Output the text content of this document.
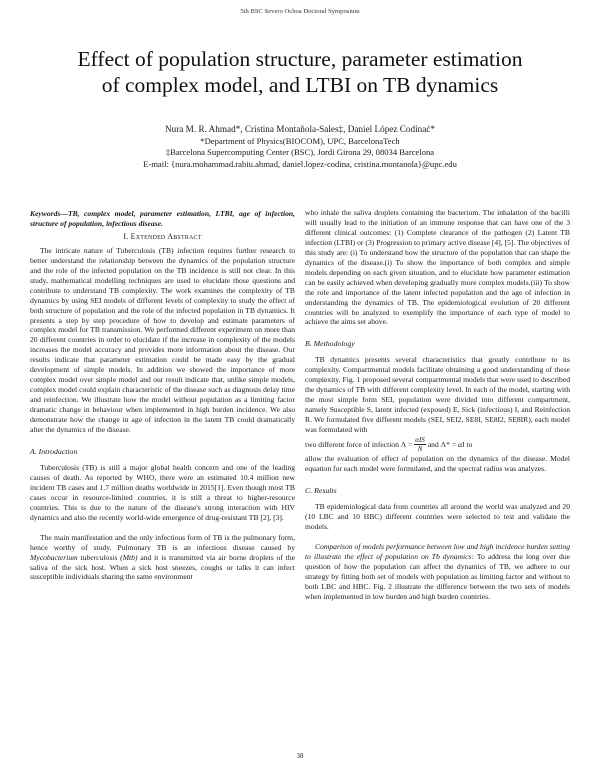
5th BSC Severo Ochoa Doctoral Symposium
Effect of population structure, parameter estimation
of complex model, and LTBI on TB dynamics
Nura M. R. Ahmad*, Cristina Montañola-Sales‡, Daniel López Codinać*
*Department of Physics(BIOCOM), UPC, BarcelonaTech
‡Barcelona Supercomputing Center (BSC), Jordi Girona 29, 08034 Barcelona
E-mail: {nura.mohammad.rabiu.ahmad, daniel.lopez-codina, cristina.montanola}@upc.edu

Keywords—TB, complex model, parameter estimation, LTBI, age of infection, structure of population, infectious disease.

I. Extended Abstract

The intricate nature of Tuberculosis (TB) infection requires further research to better understand the relationship between the dynamics of the population structure and the role of the infected population on the TB incidence is still not clear. In this study, mathematical modelling techniques are used to elucidate those questions and contribute to understand TB complexity. The work examines the complexity of TB dynamics by using SEI models of different levels of complexity to study the effect of both structure of population and the role of the infected population in TB dynamics. It presents a step by step procedure of how to develop and estimate parameters of complex model for TB transmission. We performed different experiment on more than 20 different countries in order to elucidate if the increase in complexity of the models increases the model accuracy and provides more information about the disease. Our results indicate that parameter estimation could be made easy by the gradual development of simple models. In addition we showed the importance of more complex model over simple model and our result indicate that, unlike simple models, complex model could explain characteristic of the disease such as diagnosis delay time and reinfection. We illustrate how the model without population as a limiting factor dramatic change in behaviour when implemented in high burden incidence. We also demonstrate how the change in age of infection in the latent TB could dramatically alter the dynamics of the disease.

A. Introduction

Tuberculosis (TB) is still a major global health concern and one of the leading causes of death. As reported by WHO, there were an estimated 10.4 million new incident TB cases and 1.7 million deaths worldwide in 2015[1]. Even though most TB cases occur in resource-limited countries, it is still a threat to higher-resource countries. This is due to the nature of the disease's strong interaction with HIV dynamics and also the recently world-wide emergence of drug-resistant TB [2], [3].

The main manifestation and the only infectious form of TB is the pulmonary form, hence worthy of study. Pulmonary TB is an infectious disease caused by Mycobacterium tuberculosis (Mtb) and it is transmitted via air borne droplets of the saliva of the sick host. When a sick host sneezes, coughs or talks it can infect susceptible individuals sharing the same environment

who inhale the saliva droplets containing the bacterium. The inhalation of the bacilli will usually lead to the initiation of an immune response that can have one of the 3 different clinical outcomes: (1) Complete clearance of the pathogen (2) Latent TB infection (LTBI) or (3) Progression to primary active disease [4], [5]. The objectives of this study are: (i) To understand how the structure of the population that can shape the dynamics of the disease.(i) To show the importance of both complex and simple models depending on each given situation, and to elucidate how parameter estimation can be easily achieved when developing gradually more complex models.(iii) To show the role and importance of the latent infected population and the age of infection in understanding the dynamics of TB. The epidemiological evolution of 20 different countries will be analyzed to exemplify the importance of each type of model to achieve the aims set above.

B. Methodology

TB dynamics presents several characteristics that greatly contribute to its complexity. Compartmental models facilitate obtaining a good understanding of these complexity. Fig. 1 proposed several compartmental models that were used to described the dynamics of TB with different complexity level. In each of the model, starting with the most simple form SEI, population were divided into different compartment, namely Susceptible S, latent infected (exposed) E, Sick (infectious) I, and Reinfection R. We formulated five different models (SEI, SEI2, SE8I, SE8I2, SE8IR), each model was formulated with

two different force of infection $\Lambda = \frac{\text{αIS}}{N}$ and Λ* = αI to

allow the evaluation of effect of population on the dynamics of the disease. Model equation for each model were formulated, and the spectral radius was analyzes.

C. Results

TB epidemiological data from countries all around the world was analyzed and 20 (10 LBC and 10 HBC) different countries were selected to test and validate the models.

Comparison of models performance between low and high incidence burden setting to illustrate the effect of population on Tb dynamics: To address the long over due question of how the population can affect the dynamics of TB, we adhere to our strategy by fitting both set of models with population as limiting factor and without to both LBC and HBC. Fig. 2 illustrate the difference between the two sets of models when implemented in low burden and high burden countries.

38
